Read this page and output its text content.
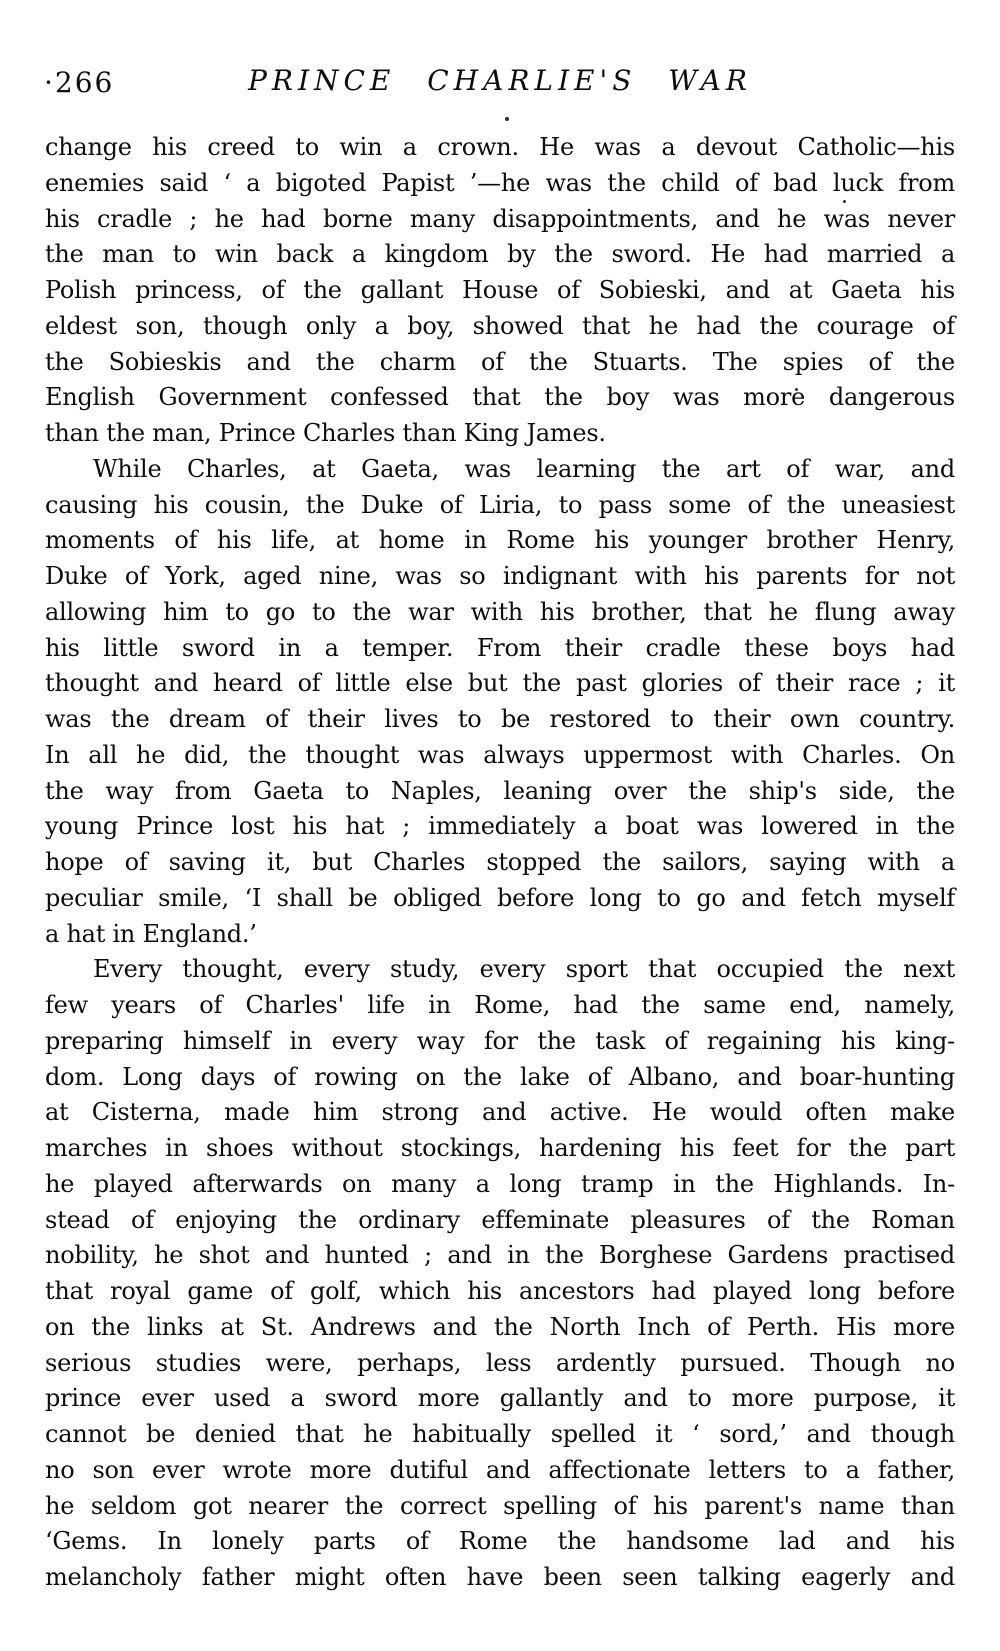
·266	PRINCE CHARLIE'S WAR
change his creed to win a crown. He was a devout Catholic—his
enemies said ‘ a bigoted Papist ’—he was the child of bad luck from
his cradle ; he had borne many disappointments, and he was never
the man to win back a kingdom by the sword. He had married a
Polish princess, of the gallant House of Sobieski, and at Gaeta his
eldest son, though only a boy, showed that he had the courage of
the Sobieskis and the charm of the Stuarts. The spies of the
English Government confessed that the boy was more dangerous
than the man, Prince Charles than King James.
While Charles, at Gaeta, was learning the art of war, and
causing his cousin, the Duke of Liria, to pass some of the uneasiest
moments of his life, at home in Rome his younger brother Henry,
Duke of York, aged nine, was so indignant with his parents for not
allowing him to go to the war with his brother, that he flung away
his little sword in a temper. From their cradle these boys had
thought and heard of little else but the past glories of their race ; it
was the dream of their lives to be restored to their own country.
In all he did, the thought was always uppermost with Charles. On
the way from Gaeta to Naples, leaning over the ship's side, the
young Prince lost his hat ; immediately a boat was lowered in the
hope of saving it, but Charles stopped the sailors, saying with a
peculiar smile, ‘I shall be obliged before long to go and fetch myself
a hat in England.’
Every thought, every study, every sport that occupied the next
few years of Charles' life in Rome, had the same end, namely,
preparing himself in every way for the task of regaining his king-
dom. Long days of rowing on the lake of Albano, and boar-hunting
at Cisterna, made him strong and active. He would often make
marches in shoes without stockings, hardening his feet for the part
he played afterwards on many a long tramp in the Highlands. In-
stead of enjoying the ordinary effeminate pleasures of the Roman
nobility, he shot and hunted ; and in the Borghese Gardens practised
that royal game of golf, which his ancestors had played long before
on the links at St. Andrews and the North Inch of Perth. His more
serious studies were, perhaps, less ardently pursued. Though no
prince ever used a sword more gallantly and to more purpose, it
cannot be denied that he habitually spelled it ‘ sord,’ and though
no son ever wrote more dutiful and affectionate letters to a father,
he seldom got nearer the correct spelling of his parent's name than
‘Gems. In lonely parts of Rome the handsome lad and his
melancholy father might often have been seen talking eagerly and
